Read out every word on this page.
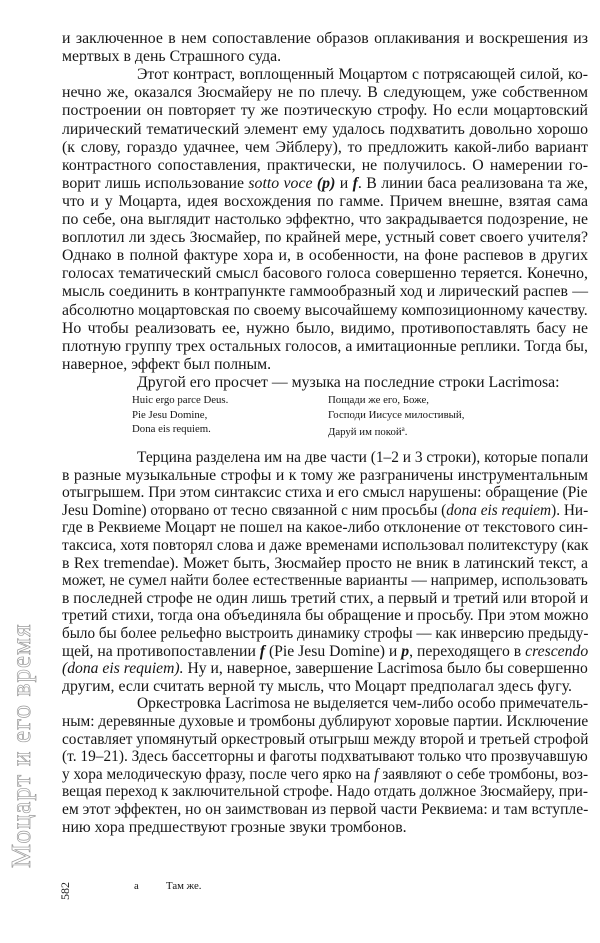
и заключенное в нем сопоставление образов оплакивания и воскрешения из
мертвых в день Страшного суда.
Этот контраст, воплощенный Моцартом с потрясающей силой, ко-
нечно же, оказался Зюсмайеру не по плечу. В следующем, уже собственном
построении он повторяет ту же поэтическую строфу. Но если моцартовский
лирический тематический элемент ему удалось подхватить довольно хорошо
(к слову, гораздо удачнее, чем Эйблеру), то предложить какой-либо вариант
контрастного сопоставления, практически, не получилось. О намерении го-
ворит лишь использование sotto voce (p) и f. В линии баса реализована та же,
что и у Моцарта, идея восхождения по гамме. Причем внешне, взятая сама
по себе, она выглядит настолько эффектно, что закрадывается подозрение, не
воплотил ли здесь Зюсмайер, по крайней мере, устный совет своего учителя?
Однако в полной фактуре хора и, в особенности, на фоне распевов в других
голосах тематический смысл басового голоса совершенно теряется. Конечно,
мысль соединить в контрапункте гаммообразный ход и лирический распев —
абсолютно моцартовская по своему высочайшему композиционному качеству.
Но чтобы реализовать ее, нужно было, видимо, противопоставлять басу не
плотную группу трех остальных голосов, а имитационные реплики. Тогда бы,
наверное, эффект был полным.
Другой его просчет — музыка на последние строки Lacrimosa:
Huic ergo parce Deus.
Pie Jesu Domine,
Dona eis requiem.
Пощади же его, Боже,
Господи Иисусе милостивый,
Даруй им покой$^а$.
Терцина разделена им на две части (1–2 и 3 строки), которые попали
в разные музыкальные строфы и к тому же разграничены инструментальным
отыгрышем. При этом синтаксис стиха и его смысл нарушены: обращение (Pie
Jesu Domine) оторвано от тесно связанной с ним просьбы (dona eis requiem). Ни-
где в Реквиеме Моцарт не пошел на какое-либо отклонение от текстового син-
таксиса, хотя повторял слова и даже временами использовал политекстуру (как
в Rex tremendae). Может быть, Зюсмайер просто не вник в латинский текст, а
может, не сумел найти более естественные варианты — например, использовать
в последней строфе не один лишь третий стих, а первый и третий или второй и
третий стихи, тогда она объединяла бы обращение и просьбу. При этом можно
было бы более рельефно выстроить динамику строфы — как инверсию предыду-
щей, на противопоставлении f (Pie Jesu Domine) и p, переходящего в crescendo
(dona eis requiem). Ну и, наверное, завершение Lacrimosa было бы совершенно
другим, если считать верной ту мысль, что Моцарт предполагал здесь фугу.
Оркестровка Lacrimosa не выделяется чем-либо особо примечатель-
ным: деревянные духовые и тромбоны дублируют хоровые партии. Исключение
составляет упомянутый оркестровый отыгрыш между второй и третьей строфой
(т. 19–21). Здесь бассетгорны и фаготы подхватывают только что прозвучавшую
у хора мелодическую фразу, после чего ярко на f заявляют о себе тромбоны, воз-
вещая переход к заключительной строфе. Надо отдать должное Зюсмайеру, при-
ем этот эффектен, но он заимствован из первой части Реквиема: и там вступле-
нию хора предшествуют грозные звуки тромбонов.
а	Там же.
Моцарт и его время
582
